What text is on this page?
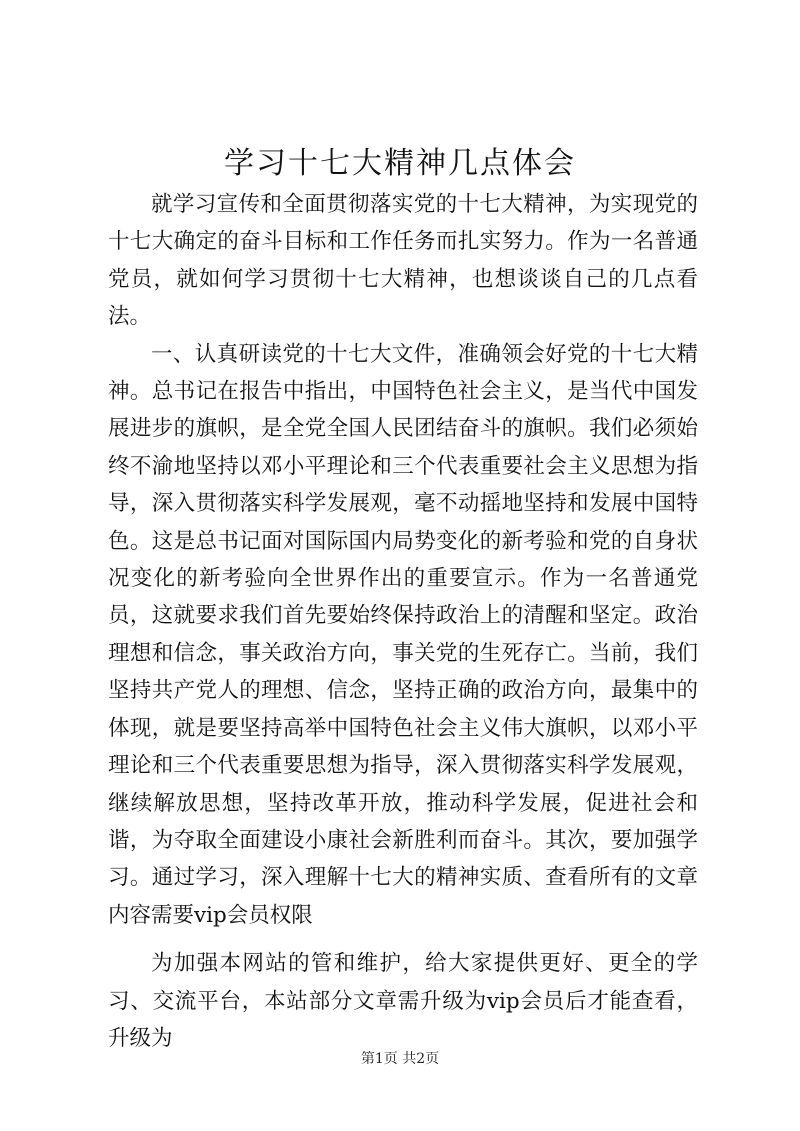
学习十七大精神几点体会

就学习宣传和全面贯彻落实党的十七大精神，为实现党的十七大确定的奋斗目标和工作任务而扎实努力。作为一名普通党员，就如何学习贯彻十七大精神，也想谈谈自己的几点看法。

一、认真研读党的十七大文件，准确领会好党的十七大精神。总书记在报告中指出，中国特色社会主义，是当代中国发展进步的旗帜，是全党全国人民团结奋斗的旗帜。我们必须始终不渝地坚持以邓小平理论和三个代表重要社会主义思想为指导，深入贯彻落实科学发展观，毫不动摇地坚持和发展中国特色。这是总书记面对国际国内局势变化的新考验和党的自身状况变化的新考验向全世界作出的重要宣示。作为一名普通党员，这就要求我们首先要始终保持政治上的清醒和坚定。政治理想和信念，事关政治方向，事关党的生死存亡。当前，我们坚持共产党人的理想、信念，坚持正确的政治方向，最集中的体现，就是要坚持高举中国特色社会主义伟大旗帜，以邓小平理论和三个代表重要思想为指导，深入贯彻落实科学发展观，继续解放思想，坚持改革开放，推动科学发展，促进社会和谐，为夺取全面建设小康社会新胜利而奋斗。其次，要加强学习。通过学习，深入理解十七大的精神实质、查看所有的文章内容需要vip会员权限

为加强本网站的管和维护，给大家提供更好、更全的学习、交流平台，本站部分文章需升级为vip会员后才能查看，升级为

第1页 共2页
